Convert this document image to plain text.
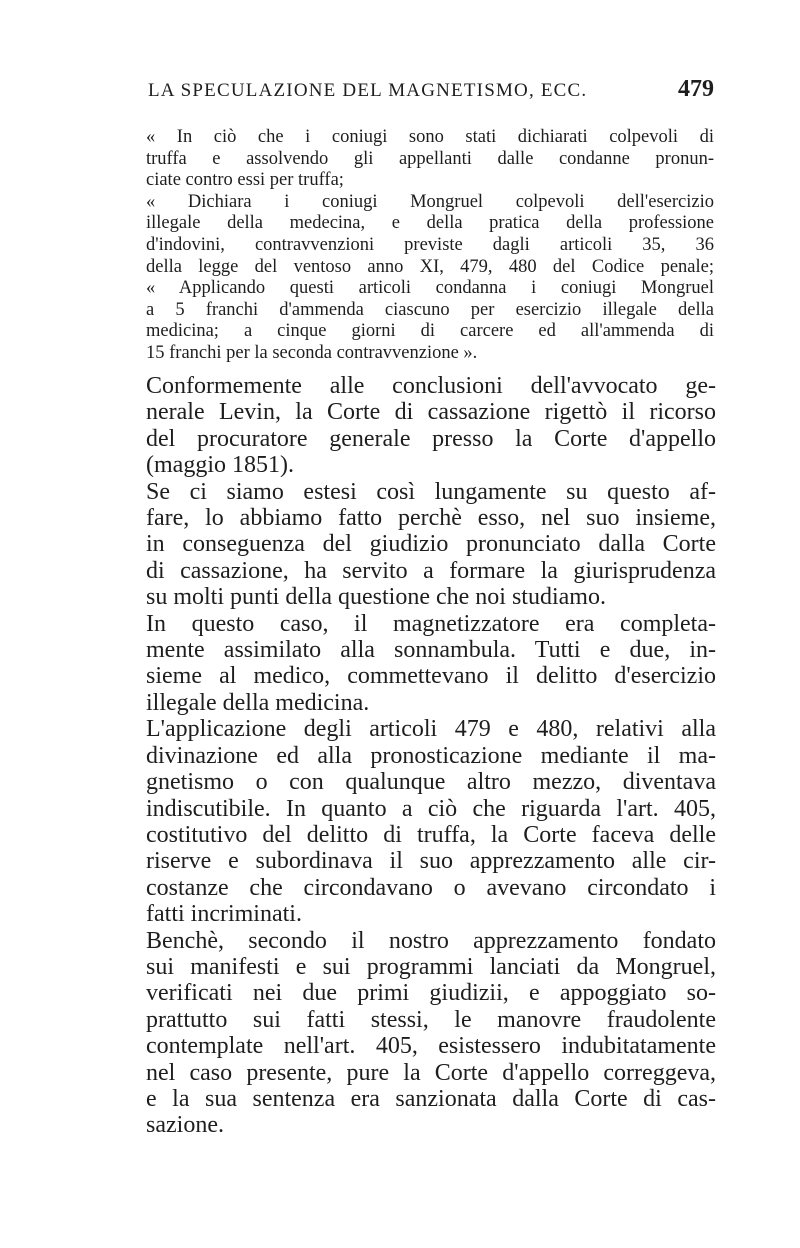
LA SPECULAZIONE DEL MAGNETISMO, ECC.	479
« In ciò che i coniugi sono stati dichiarati colpevoli di
truffa e assolvendo gli appellanti dalle condanne pronun-
ciate contro essi per truffa;
« Dichiara i coniugi Mongruel colpevoli dell'esercizio
illegale della medecina, e della pratica della professione
d'indovini, contravvenzioni previste dagli articoli 35, 36
della legge del ventoso anno XI, 479, 480 del Codice penale;
« Applicando questi articoli condanna i coniugi Mongruel
a 5 franchi d'ammenda ciascuno per esercizio illegale della
medicina; a cinque giorni di carcere ed all'ammenda di
15 franchi per la seconda contravvenzione ».
Conformemente alle conclusioni dell'avvocato ge-
nerale Levin, la Corte di cassazione rigettò il ricorso
del procuratore generale presso la Corte d'appello
(maggio 1851).
Se ci siamo estesi così lungamente su questo af-
fare, lo abbiamo fatto perchè esso, nel suo insieme,
in conseguenza del giudizio pronunciato dalla Corte
di cassazione, ha servito a formare la giurisprudenza
su molti punti della questione che noi studiamo.
In questo caso, il magnetizzatore era completa-
mente assimilato alla sonnambula. Tutti e due, in-
sieme al medico, commettevano il delitto d'esercizio
illegale della medicina.
L'applicazione degli articoli 479 e 480, relativi alla
divinazione ed alla pronosticazione mediante il ma-
gnetismo o con qualunque altro mezzo, diventava
indiscutibile. In quanto a ciò che riguarda l'art. 405,
costitutivo del delitto di truffa, la Corte faceva delle
riserve e subordinava il suo apprezzamento alle cir-
costanze che circondavano o avevano circondato i
fatti incriminati.
Benchè, secondo il nostro apprezzamento fondato
sui manifesti e sui programmi lanciati da Mongruel,
verificati nei due primi giudizii, e appoggiato so-
prattutto sui fatti stessi, le manovre fraudolente
contemplate nell'art. 405, esistessero indubitatamente
nel caso presente, pure la Corte d'appello correggeva,
e la sua sentenza era sanzionata dalla Corte di cas-
sazione.
